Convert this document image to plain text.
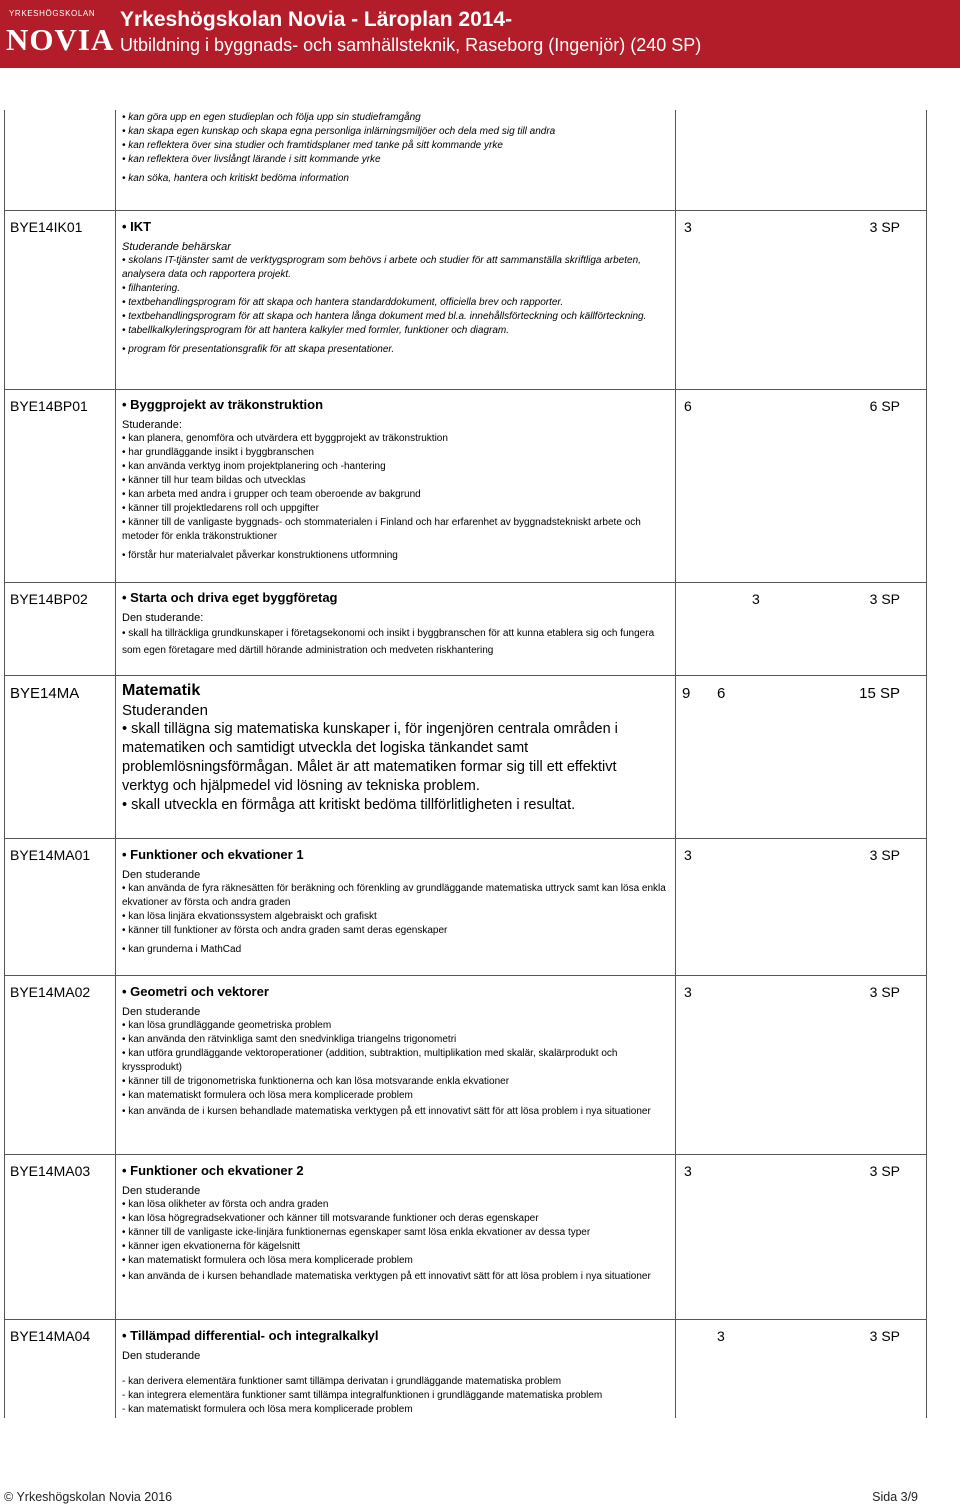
YRKESHÖGSKOLAN
NOVIA
Yrkeshögskolan Novia - Läroplan 2014-
Utbildning i byggnads- och samhällsteknik, Raseborg (Ingenjör) (240 SP)
• kan göra upp en egen studieplan och följa upp sin studieframgång
• kan skapa egen kunskap och skapa egna personliga inlärningsmiljöer och dela med sig till andra
• kan reflektera över sina studier och framtidsplaner med tanke på sitt kommande yrke
• kan reflektera över livslångt lärande i sitt kommande yrke
• kan söka, hantera och kritiskt bedöma information
BYE14IK01	• IKT
Studerande behärskar
• skolans IT-tjänster samt de verktygsprogram som behövs i arbete och studier för att sammanställa skriftliga arbeten, analysera data och rapportera projekt.
• filhantering.
• textbehandlingsprogram för att skapa och hantera standarddokument, officiella brev och rapporter.
• textbehandlingsprogram för att skapa och hantera långa dokument med bl.a. innehållsförteckning och källförteckning.
• tabellkalkyleringsprogram för att hantera kalkyler med formler, funktioner och diagram.
• program för presentationsgrafik för att skapa presentationer.
3	3 SP
BYE14BP01	• Byggprojekt av träkonstruktion
Studerande:
• kan planera, genomföra och utvärdera ett byggprojekt av träkonstruktion
• har grundläggande insikt i byggbranschen
• kan använda verktyg inom projektplanering och -hantering
• känner till hur team bildas och utvecklas
• kan arbeta med andra i grupper och team oberoende av bakgrund
• känner till projektledarens roll och uppgifter
• känner till de vanligaste byggnads- och stommaterialen i Finland och har erfarenhet av byggnadstekniskt arbete och metoder för enkla träkonstruktioner
• förstår hur materialvalet påverkar konstruktionens utformning
6	6 SP
BYE14BP02	• Starta och driva eget byggföretag
Den studerande:
• skall ha tillräckliga grundkunskaper i företagsekonomi och insikt i byggbranschen för att kunna etablera sig och fungera som egen företagare med därtill hörande administration och medveten riskhantering
3	3 SP
BYE14MA	Matematik
Studeranden
• skall tillägna sig matematiska kunskaper i, för ingenjören centrala områden i matematiken och samtidigt utveckla det logiska tänkandet samt problemlösningsförmågan. Målet är att matematiken formar sig till ett effektivt verktyg och hjälpmedel vid lösning av tekniska problem.
• skall utveckla en förmåga att kritiskt bedöma tillförlitligheten i resultat.
9 6	15 SP
BYE14MA01	• Funktioner och ekvationer 1
Den studerande
• kan använda de fyra räknesätten för beräkning och förenkling av grundläggande matematiska uttryck samt kan lösa enkla ekvationer av första och andra graden
• kan lösa linjära ekvationssystem algebraiskt och grafiskt
• känner till funktioner av första och andra graden samt deras egenskaper
• kan grunderna i MathCad
3	3 SP
BYE14MA02	• Geometri och vektorer
Den studerande
• kan lösa grundläggande geometriska problem
• kan använda den rätvinkliga samt den snedvinkliga triangelns trigonometri
• kan utföra grundläggande vektoroperationer (addition, subtraktion, multiplikation med skalär, skalärprodukt och kryssprodukt)
• känner till de trigonometriska funktionerna och kan lösa motsvarande enkla ekvationer
• kan matematiskt formulera och lösa mera komplicerade problem
• kan använda de i kursen behandlade matematiska verktygen på ett innovativt sätt för att lösa problem i nya situationer
3	3 SP
BYE14MA03	• Funktioner och ekvationer 2
Den studerande
• kan lösa olikheter av första och andra graden
• kan lösa högregradsekvationer och känner till motsvarande funktioner och deras egenskaper
• känner till de vanligaste icke-linjära funktionernas egenskaper samt lösa enkla ekvationer av dessa typer
• känner igen ekvationerna för kägelsnitt
• kan matematiskt formulera och lösa mera komplicerade problem
• kan använda de i kursen behandlade matematiska verktygen på ett innovativt sätt för att lösa problem i nya situationer
3	3 SP
BYE14MA04	• Tillämpad differential- och integralkalkyl
Den studerande
- kan derivera elementära funktioner samt tillämpa derivatan i grundläggande matematiska problem
- kan integrera elementära funktioner samt tillämpa integralfunktionen i grundläggande matematiska problem
- kan matematiskt formulera och lösa mera komplicerade problem
3	3 SP
© Yrkeshögskolan Novia 2016	Sida 3/9
